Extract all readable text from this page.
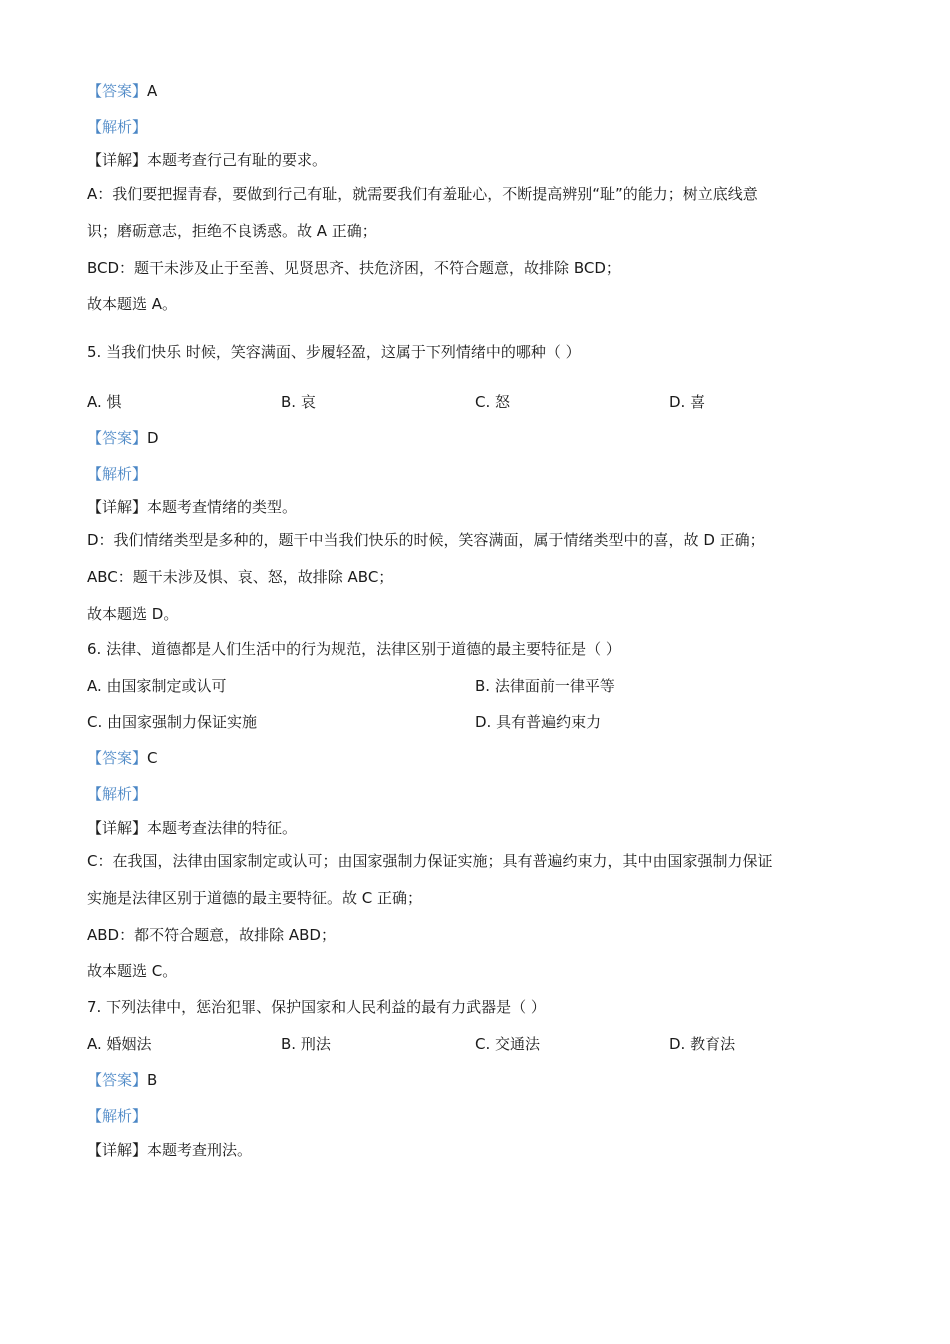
【答案】A
【解析】
【详解】本题考查行己有耻的要求。
A：我们要把握青春，要做到行己有耻，就需要我们有羞耻心，不断提高辨别“耻”的能力；树立底线意
识；磨砺意志，拒绝不良诱惑。故 A 正确；
BCD：题干未涉及止于至善、见贤思齐、扶危济困，不符合题意，故排除 BCD；
故本题选 A。
5. 当我们快乐 时候，笑容满面、步履轻盈，这属于下列情绪中的哪种（ ）
A. 惧	B. 哀	C. 怒	D. 喜
【答案】D
【解析】
【详解】本题考查情绪的类型。
D：我们情绪类型是多种的，题干中当我们快乐的时候，笑容满面，属于情绪类型中的喜，故 D 正确；
ABC：题干未涉及惧、哀、怒，故排除 ABC；
故本题选 D。
6. 法律、道德都是人们生活中的行为规范，法律区别于道德的最主要特征是（ ）
A. 由国家制定或认可	B. 法律面前一律平等
C. 由国家强制力保证实施	D. 具有普遍约束力
【答案】C
【解析】
【详解】本题考查法律的特征。
C：在我国，法律由国家制定或认可；由国家强制力保证实施；具有普遍约束力，其中由国家强制力保证
实施是法律区别于道德的最主要特征。故 C 正确；
ABD：都不符合题意，故排除 ABD；
故本题选 C。
7. 下列法律中，惩治犯罪、保护国家和人民利益的最有力武器是（ ）
A. 婚姻法	B. 刑法	C. 交通法	D. 教育法
【答案】B
【解析】
【详解】本题考查刑法。
